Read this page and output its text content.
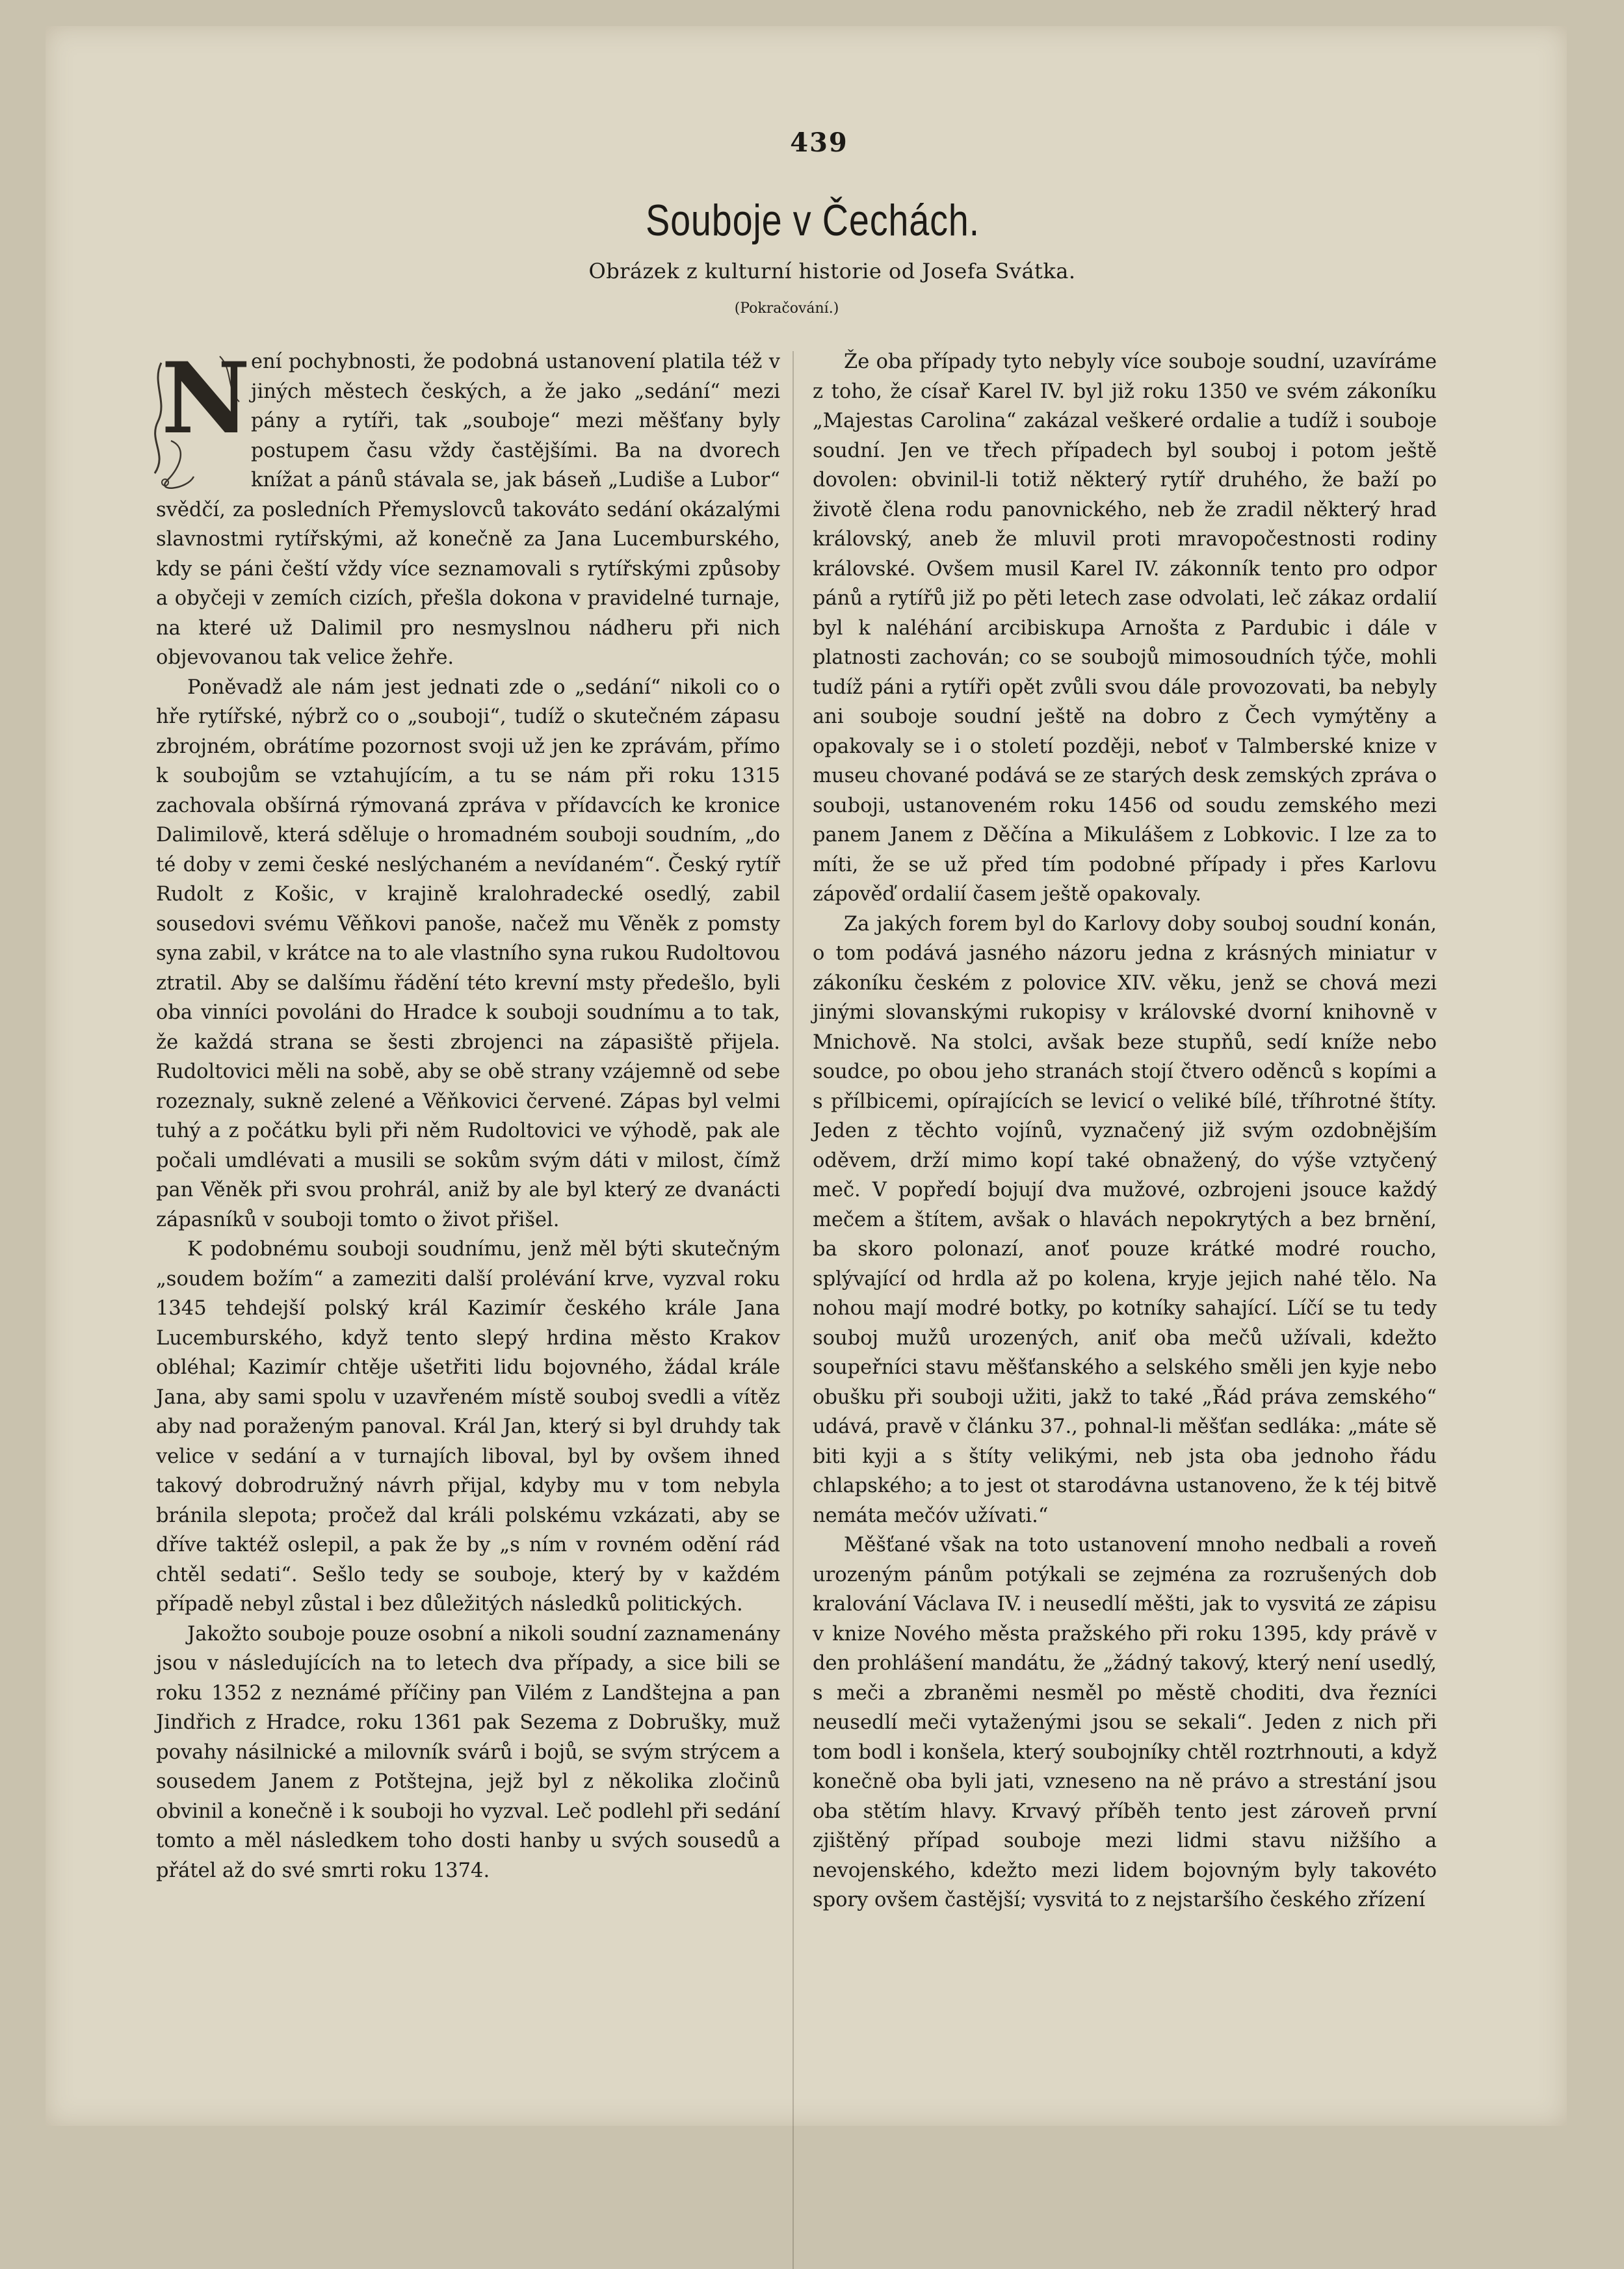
439
Souboje v Čechách.
Obrázek z kulturní historie od Josefa Svátka.
(Pokračování.)
N ení pochybnosti, že podobná ustanovení platila též v jiných městech českých, a že jako „sedání“ mezi pány a rytíři, tak „souboje“ mezi měšťany byly postupem času vždy častějšími. Ba na dvorech knížat a pánů stávala se, jak báseň „Ludiše a Lubor“ svědčí, za posledních Přemyslovců takováto sedání okázalými slavnostmi rytířskými, až konečně za Jana Lucemburského, kdy se páni čeští vždy více seznamovali s rytířskými způsoby a obyčeji v zemích cizích, přešla dokona v pravidelné turnaje, na které už Dalimil pro nesmyslnou nádheru při nich objevovanou tak velice žehře.

Poněvadž ale nám jest jednati zde o „sedání“ nikoli co o hře rytířské, nýbrž co o „souboji“, tudíž o skutečném zápasu zbrojném, obrátíme pozornost svoji už jen ke zprávám, přímo k soubojům se vztahujícím, a tu se nám při roku 1315 zachovala obšírná rýmovaná zpráva v přídavcích ke kronice Dalimilově, která sděluje o hromadném souboji soudním, „do té doby v zemi české neslýchaném a nevídaném“. Český rytíř Rudolt z Košic, v krajině kralohradecké osedlý, zabil sousedovi svému Věňkovi panoše, načež mu Věněk z pomsty syna zabil, v krátce na to ale vlastního syna rukou Rudoltovou ztratil. Aby se dalšímu řádění této krevní msty předešlo, byli oba vinníci povoláni do Hradce k souboji soudnímu a to tak, že každá strana se šesti zbrojenci na zápasiště přijela. Rudoltovici měli na sobě, aby se obě strany vzájemně od sebe rozeznaly, sukně zelené a Věňkovici červené. Zápas byl velmi tuhý a z počátku byli při něm Rudoltovici ve výhodě, pak ale počali umdlévati a musili se sokům svým dáti v milost, čímž pan Věněk při svou prohrál, aniž by ale byl který ze dvanácti zápasníků v souboji tomto o život přišel.

K podobnému souboji soudnímu, jenž měl býti skutečným „soudem božím“ a zameziti další prolévání krve, vyzval roku 1345 tehdejší polský král Kazimír českého krále Jana Lucemburského, když tento slepý hrdina město Krakov obléhal; Kazimír chtěje ušetřiti lidu bojovného, žádal krále Jana, aby sami spolu v uzavřeném místě souboj svedli a vítěz aby nad poraženým panoval. Král Jan, který si byl druhdy tak velice v sedání a v turnajích liboval, byl by ovšem ihned takový dobrodružný návrh přijal, kdyby mu v tom nebyla bránila slepota; pročež dal králi polskému vzkázati, aby se dříve taktéž oslepil, a pak že by „s ním v rovném odění rád chtěl sedati“. Sešlo tedy se souboje, který by v každém případě nebyl zůstal i bez důležitých následků politických.

Jakožto souboje pouze osobní a nikoli soudní zaznamenány jsou v následujících na to letech dva případy, a sice bili se roku 1352 z neznámé příčiny pan Vilém z Landštejna a pan Jindřich z Hradce, roku 1361 pak Sezema z Dobrušky, muž povahy násilnické a milovník svárů i bojů, se svým strýcem a sousedem Janem z Potštejna, jejž byl z několika zločinů obvinil a konečně i k souboji ho vyzval. Leč podlehl při sedání tomto a měl následkem toho dosti hanby u svých sousedů a přátel až do své smrti roku 1374.

Že oba případy tyto nebyly více souboje soudní, uzavíráme z toho, že císař Karel IV. byl již roku 1350 ve svém zákoníku „Majestas Carolina“ zakázal veškeré ordalie a tudíž i souboje soudní. Jen ve třech případech byl souboj i potom ještě dovolen: obvinil-li totiž některý rytíř druhého, že baží po životě člena rodu panovnického, neb že zradil některý hrad královský, aneb že mluvil proti mravopočestnosti rodiny královské. Ovšem musil Karel IV. zákonník tento pro odpor pánů a rytířů již po pěti letech zase odvolati, leč zákaz ordalií byl k naléhání arcibiskupa Arnošta z Pardubic i dále v platnosti zachován; co se soubojů mimosoudních týče, mohli tudíž páni a rytíři opět zvůli svou dále provozovati, ba nebyly ani souboje soudní ještě na dobro z Čech vymýtěny a opakovaly se i o století později, neboť v Talmberské knize v museu chované podává se ze starých desk zemských zpráva o souboji, ustanoveném roku 1456 od soudu zemského mezi panem Janem z Děčína a Mikulášem z Lobkovic. I lze za to míti, že se už před tím podobné případy i přes Karlovu zápověď ordalií časem ještě opakovaly.

Za jakých forem byl do Karlovy doby souboj soudní konán, o tom podává jasného názoru jedna z krásných miniatur v zákoníku českém z polovice XIV. věku, jenž se chová mezi jinými slovanskými rukopisy v královské dvorní knihovně v Mnichově. Na stolci, avšak beze stupňů, sedí kníže nebo soudce, po obou jeho stranách stojí čtvero oděnců s kopími a s přílbicemi, opírajících se levicí o veliké bílé, tříhrotné štíty. Jeden z těchto vojínů, vyznačený již svým ozdobnějším oděvem, drží mimo kopí také obnažený, do výše vztyčený meč. V popředí bojují dva mužové, ozbrojeni jsouce každý mečem a štítem, avšak o hlavách nepokrytých a bez brnění, ba skoro polonazí, anoť pouze krátké modré roucho, splývající od hrdla až po kolena, kryje jejich nahé tělo. Na nohou mají modré botky, po kotníky sahající. Líčí se tu tedy souboj mužů urozených, aniť oba mečů užívali, kdežto soupeřníci stavu měšťanského a selského směli jen kyje nebo obušku při souboji užiti, jakž to také „Řád práva zemského“ udává, pravě v článku 37., pohnal-li měšťan sedláka: „máte sě biti kyji a s štíty velikými, neb jsta oba jednoho řádu chlapského; a to jest ot starodávna ustanoveno, že k téj bitvě nemáta mečóv užívati.“

Měšťané však na toto ustanovení mnoho nedbali a roveň urozeným pánům potýkali se zejména za rozrušených dob kralování Václava IV. i neusedlí měšti, jak to vysvitá ze zápisu v knize Nového města pražského při roku 1395, kdy právě v den prohlášení mandátu, že „žádný takový, který není usedlý, s meči a zbraněmi nesměl po městě choditi, dva řezníci neusedlí meči vytaženými jsou se sekali“. Jeden z nich při tom bodl i konšela, který soubojníky chtěl roztrhnouti, a když konečně oba byli jati, vzneseno na ně právo a strestání jsou oba stětím hlavy. Krvavý příběh tento jest zároveň první zjištěný případ souboje mezi lidmi stavu nižšího a nevojenského, kdežto mezi lidem bojovným byly takovéto spory ovšem častější; vysvitá to z nejstaršího českého zřízení
